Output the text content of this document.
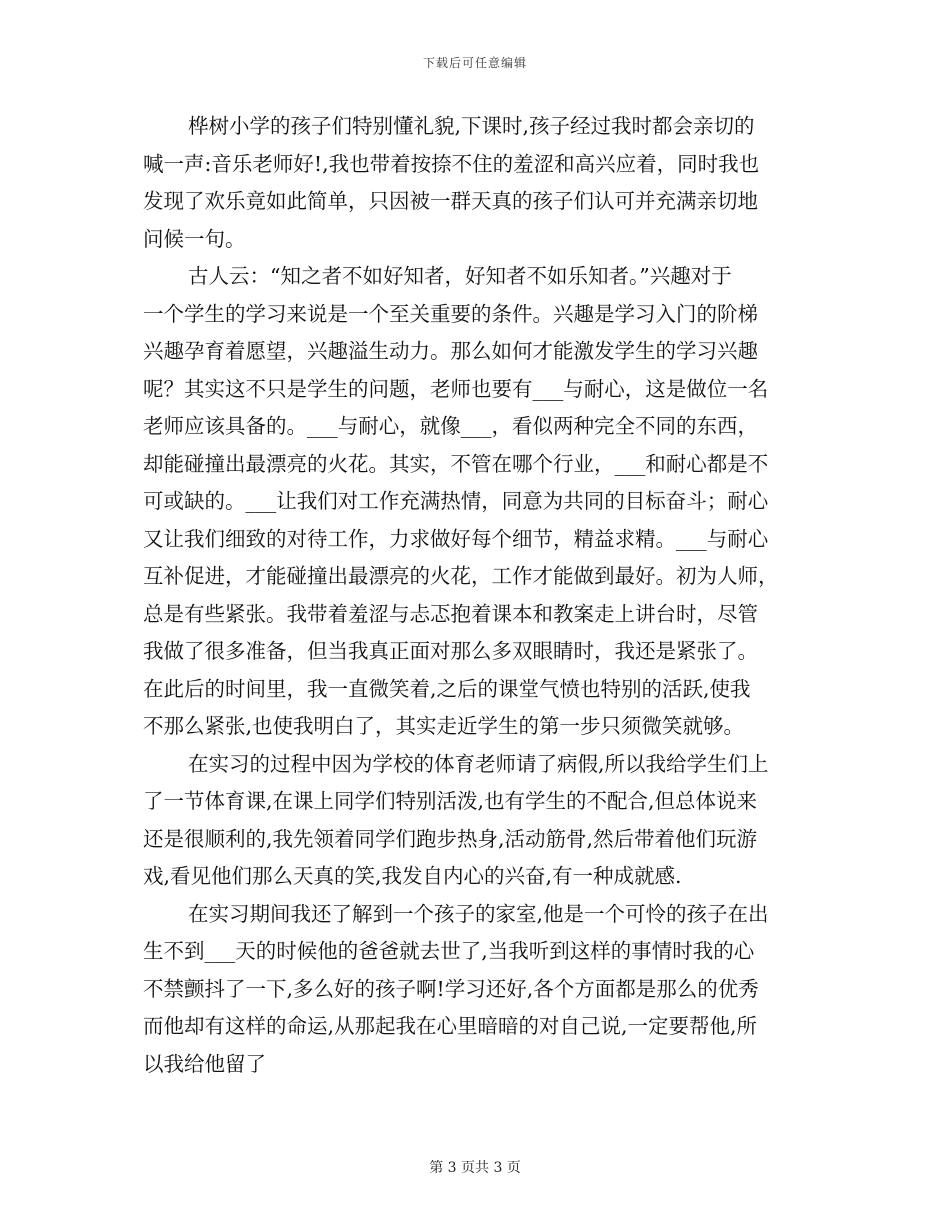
下载后可任意编辑
桦树小学的孩子们特别懂礼貌,下课时,孩子经过我时都会亲切的
喊一声:音乐老师好!,我也带着按捺不住的羞涩和高兴应着，同时我也
发现了欢乐竟如此简单，只因被一群天真的孩子们认可并充满亲切地
问候一句。
古人云：“知之者不如好知者，好知者不如乐知者。”兴趣对于
一个学生的学习来说是一个至关重要的条件。兴趣是学习入门的阶梯
兴趣孕育着愿望，兴趣溢生动力。那么如何才能激发学生的学习兴趣
呢？其实这不只是学生的问题，老师也要有___与耐心，这是做位一名
老师应该具备的。___与耐心，就像___，看似两种完全不同的东西，
却能碰撞出最漂亮的火花。其实，不管在哪个行业，___和耐心都是不
可或缺的。___让我们对工作充满热情，同意为共同的目标奋斗；耐心
又让我们细致的对待工作，力求做好每个细节，精益求精。___与耐心
互补促进，才能碰撞出最漂亮的火花，工作才能做到最好。初为人师，
总是有些紧张。我带着羞涩与忐忑抱着课本和教案走上讲台时，尽管
我做了很多准备，但当我真正面对那么多双眼睛时，我还是紧张了。
在此后的时间里，我一直微笑着,之后的课堂气愤也特别的活跃,使我
不那么紧张,也使我明白了，其实走近学生的第一步只须微笑就够。
在实习的过程中因为学校的体育老师请了病假,所以我给学生们上
了一节体育课,在课上同学们特别活泼,也有学生的不配合,但总体说来
还是很顺利的,我先领着同学们跑步热身,活动筋骨,然后带着他们玩游
戏,看见他们那么天真的笑,我发自内心的兴奋,有一种成就感.
在实习期间我还了解到一个孩子的家室,他是一个可怜的孩子在出
生不到___天的时候他的爸爸就去世了,当我听到这样的事情时我的心
不禁颤抖了一下,多么好的孩子啊!学习还好,各个方面都是那么的优秀
而他却有这样的命运,从那起我在心里暗暗的对自己说,一定要帮他,所
以我给他留了
第 3 页共 3 页
